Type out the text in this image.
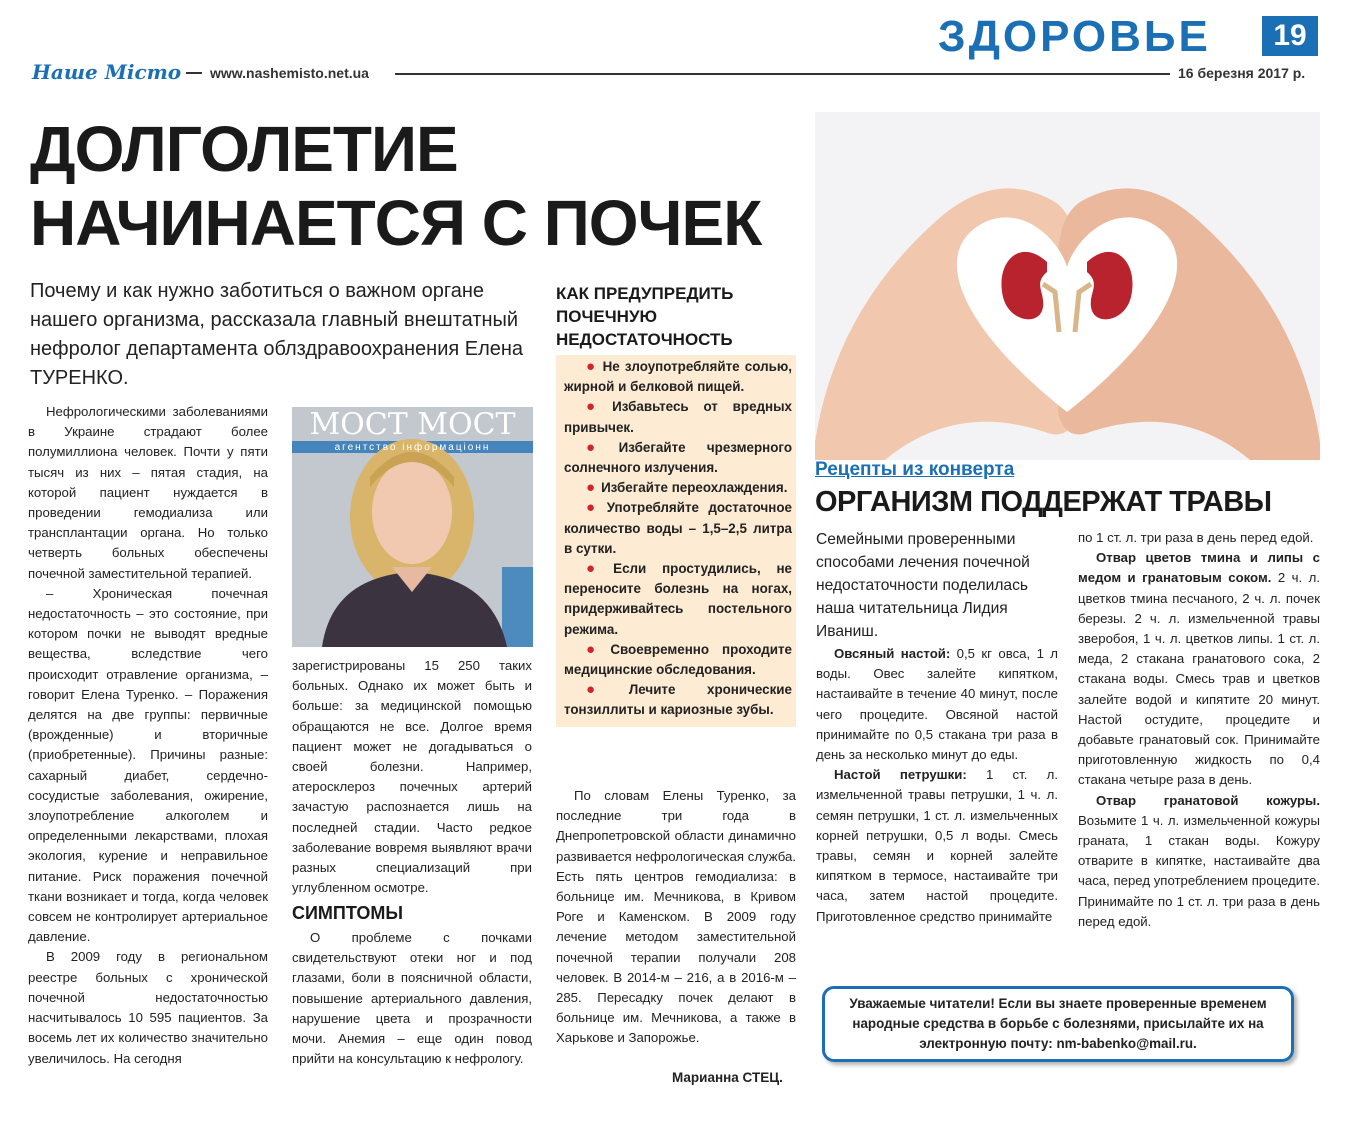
ЗДОРОВЬЕ	19
Наше Місто www.nashemisto.net.ua	16 березня 2017 р.
ДОЛГОЛЕТИЕ
НАЧИНАЕТСЯ С ПОЧЕК
Почему и как нужно заботиться о важном органе нашего организма, рассказала главный внештатный нефролог департамента облздравоохранения Елена ТУРЕНКО.

Нефрологическими заболеваниями в Украине страдают более полумиллиона человек. Почти у пяти тысяч из них – пятая стадия, на которой пациент нуждается в проведении гемодиализа или трансплантации органа. Но только четверть больных обеспечены почечной заместительной терапией.

– Хроническая почечная недостаточность – это состояние, при котором почки не выводят вредные вещества, вследствие чего происходит отравление организма, – говорит Елена Туренко. – Поражения делятся на две группы: первичные (врожденные) и вторичные (приобретенные). Причины разные: сахарный диабет, сердечно-сосудистые заболевания, ожирение, злоупотребление алкоголем и определенными лекарствами, плохая экология, курение и неправильное питание. Риск поражения почечной ткани возникает и тогда, когда человек совсем не контролирует артериальное давление.

В 2009 году в региональном реестре больных с хронической почечной недостаточностью насчитывалось 10 595 пациентов. За восемь лет их количество значительно увеличилось. На сегодня

МОСТ МОСТ
агентство інформаціонн

зарегистрированы 15 250 таких больных. Однако их может быть и больше: за медицинской помощью обращаются не все. Долгое время пациент может не догадываться о своей болезни. Например, атеросклероз почечных артерий зачастую распознается лишь на последней стадии. Часто редкое заболевание вовремя выявляют врачи разных специализаций при углубленном осмотре.

СИМПТОМЫ

О проблеме с почками свидетельствуют отеки ног и под глазами, боли в поясничной области, повышение артериального давления, нарушение цвета и прозрачности мочи. Анемия – еще один повод прийти на консультацию к нефрологу.

КАК ПРЕДУПРЕДИТЬ ПОЧЕЧНУЮ НЕДОСТАТОЧНОСТЬ
● Не злоупотребляйте солью, жирной и белковой пищей.
● Избавьтесь от вредных привычек.
● Избегайте чрезмерного солнечного излучения.
● Избегайте переохлаждения.
● Употребляйте достаточное количество воды – 1,5–2,5 литра в сутки.
● Если простудились, не переносите болезнь на ногах, придерживайтесь постельного режима.
● Своевременно проходите медицинские обследования.
● Лечите хронические тонзиллиты и кариозные зубы.

По словам Елены Туренко, за последние три года в Днепропетровской области динамично развивается нефрологическая служба. Есть пять центров гемодиализа: в больнице им. Мечникова, в Кривом Роге и Каменском. В 2009 году лечение методом заместительной почечной терапии получали 208 человек. В 2014-м – 216, а в 2016-м – 285. Пересадку почек делают в больнице им. Мечникова, а также в Харькове и Запорожье.

Марианна СТЕЦ.
Рецепты из конверта
ОРГАНИЗМ ПОДДЕРЖАТ ТРАВЫ
Семейными проверенными способами лечения почечной недостаточности поделилась наша читательница Лидия Иваниш.

Овсяный настой: 0,5 кг овса, 1 л воды. Овес залейте кипятком, настаивайте в течение 40 минут, после чего процедите. Овсяной настой принимайте по 0,5 стакана три раза в день за несколько минут до еды.

Настой петрушки: 1 ст. л. измельченной травы петрушки, 1 ч. л. семян петрушки, 1 ст. л. измельченных корней петрушки, 0,5 л воды. Смесь травы, семян и корней залейте кипятком в термосе, настаивайте три часа, затем настой процедите. Приготовленное средство принимайте

по 1 ст. л. три раза в день перед едой.

Отвар цветов тмина и липы с медом и гранатовым соком. 2 ч. л. цветков тмина песчаного, 2 ч. л. почек березы. 2 ч. л. измельченной травы зверобоя, 1 ч. л. цветков липы. 1 ст. л. меда, 2 стакана гранатового сока, 2 стакана воды. Смесь трав и цветков залейте водой и кипятите 20 минут. Настой остудите, процедите и добавьте гранатовый сок. Принимайте приготовленную жидкость по 0,4 стакана четыре раза в день.

Отвар гранатовой кожуры. Возьмите 1 ч. л. измельченной кожуры граната, 1 стакан воды. Кожуру отварите в кипятке, настаивайте два часа, перед употреблением процедите. Принимайте по 1 ст. л. три раза в день перед едой.

Уважаемые читатели! Если вы знаете проверенные временем народные средства в борьбе с болезнями, присылайте их на электронную почту: nm-babenko@mail.ru.
